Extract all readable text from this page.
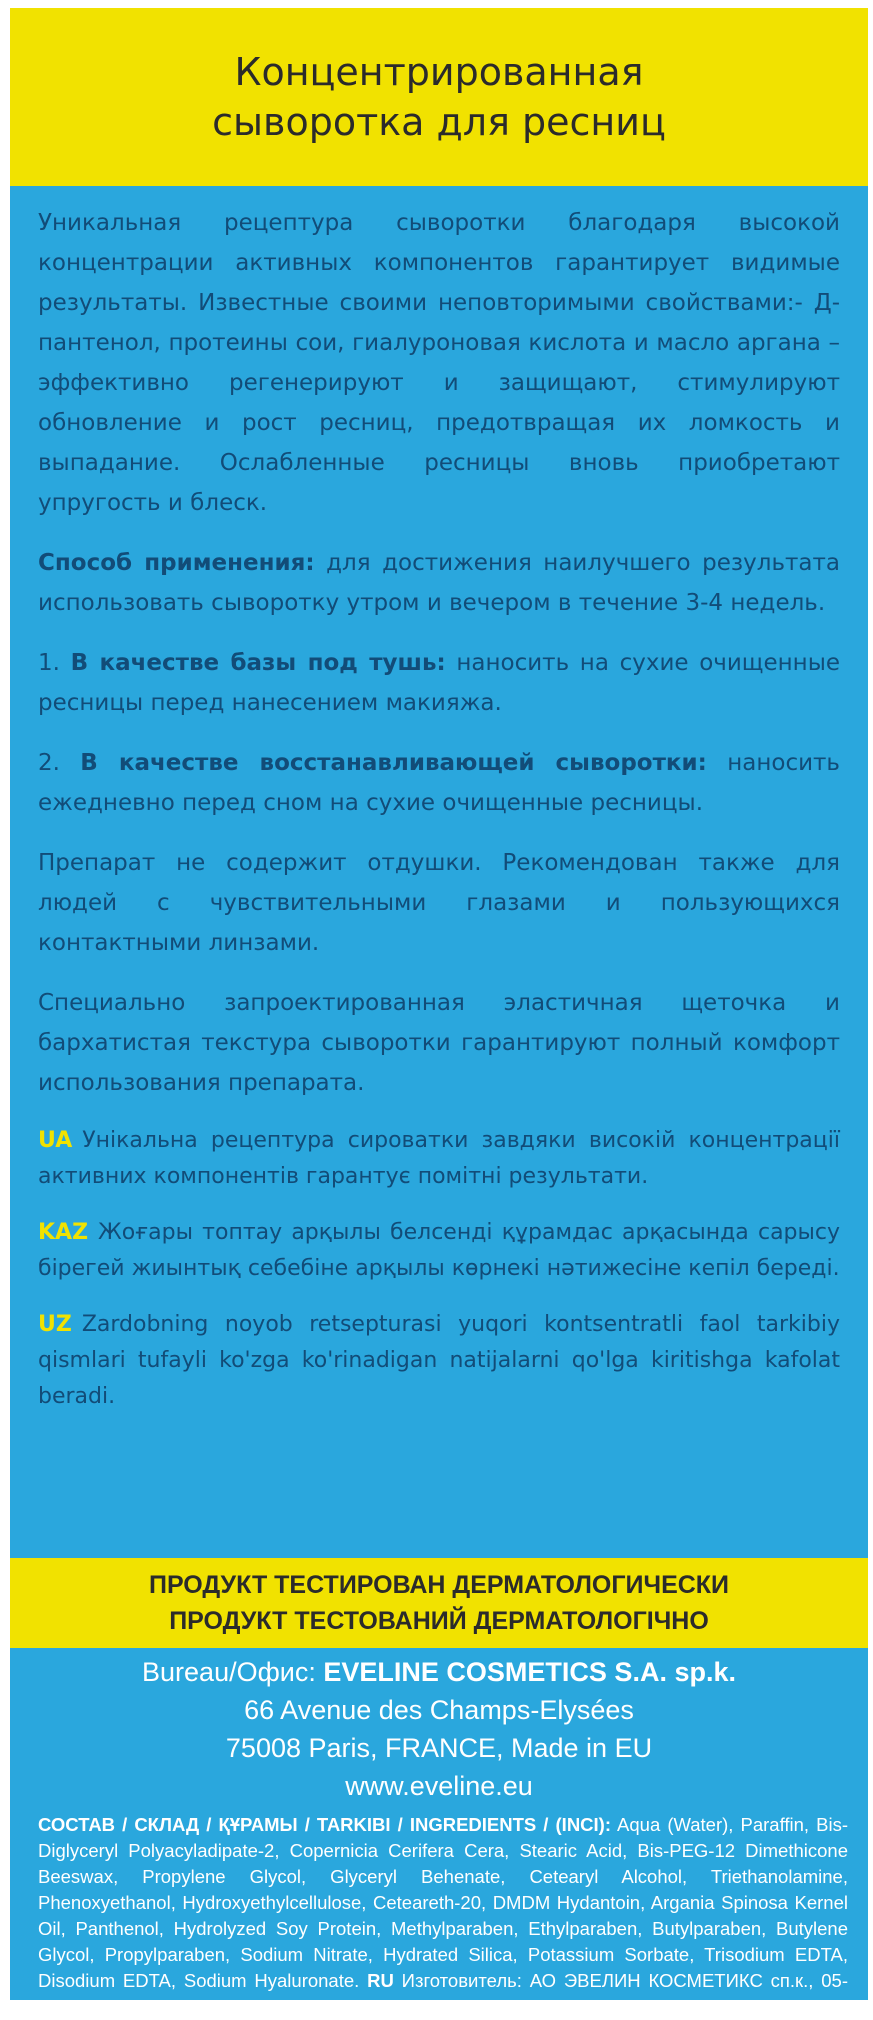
Концентрированная сыворотка для ресниц

Уникальная рецептура сыворотки благодаря высокой концентрации активных компонентов гарантирует видимые результаты. Известные своими неповторимыми свойствами:- Д-пантенол, протеины сои, гиалуроновая кислота и масло аргана – эффективно регенерируют и защищают, стимулируют обновление и рост ресниц, предотвращая их ломкость и выпадание. Ослабленные ресницы вновь приобретают упругость и блеск.

Способ применения: для достижения наилучшего результата использовать сыворотку утром и вечером в течение 3-4 недель.

1. В качестве базы под тушь: наносить на сухие очищенные ресницы перед нанесением макияжа.

2. В качестве восстанавливающей сыворотки: наносить ежедневно перед сном на сухие очищенные ресницы.

Препарат не содержит отдушки. Рекомендован также для людей с чувствительными глазами и пользующихся контактными линзами.

Специально запроектированная эластичная щеточка и бархатистая текстура сыворотки гарантируют полный комфорт использования препарата.

UA Унікальна рецептура сироватки завдяки високій концентрації активних компонентів гарантує помітні результати.

KAZ Жоғары топтау арқылы белсенді құрамдас арқасында сарысу бірегей жиынтық себебіне арқылы көрнекі нәтижесіне кепіл береді.

UZ Zardobning noyob retsepturasi yuqori kontsentratli faol tarkibiy qismlari tufayli ko'zga ko'rinadigan natijalarni qo'lga kiritishga kafolat beradi.

ПРОДУКТ ТЕСТИРОВАН ДЕРМАТОЛОГИЧЕСКИ
ПРОДУКТ ТЕСТОВАНИЙ ДЕРМАТОЛОГІЧНО
Bureau/Офис: EVELINE COSMETICS S.A. sp.k.
66 Avenue des Champs-Elysées
75008 Paris, FRANCE, Made in EU
www.eveline.eu
СОСТАВ / СКЛАД / ҚҰРАМЫ / TARKIBI / INGREDIENTS / (INCI): Aqua (Water), Paraffin, Bis-Diglyceryl Polyacyladipate-2, Copernicia Cerifera Cera, Stearic Acid, Bis-PEG-12 Dimethicone Beeswax, Propylene Glycol, Glyceryl Behenate, Cetearyl Alcohol, Triethanolamine, Phenoxyethanol, Hydroxyethylcellulose, Ceteareth-20, DMDM Hydantoin, Argania Spinosa Kernel Oil, Panthenol, Hydrolyzed Soy Protein, Methylparaben, Ethylparaben, Butylparaben, Butylene Glycol, Propylparaben, Sodium Nitrate, Hydrated Silica, Potassium Sorbate, Trisodium EDTA, Disodium EDTA, Sodium Hyaluronate. RU Изготовитель: АО ЭВЕЛИН КОСМЕТИКС сп.к., 05-506 Лешноволь, ул. Житня 19, Польша
